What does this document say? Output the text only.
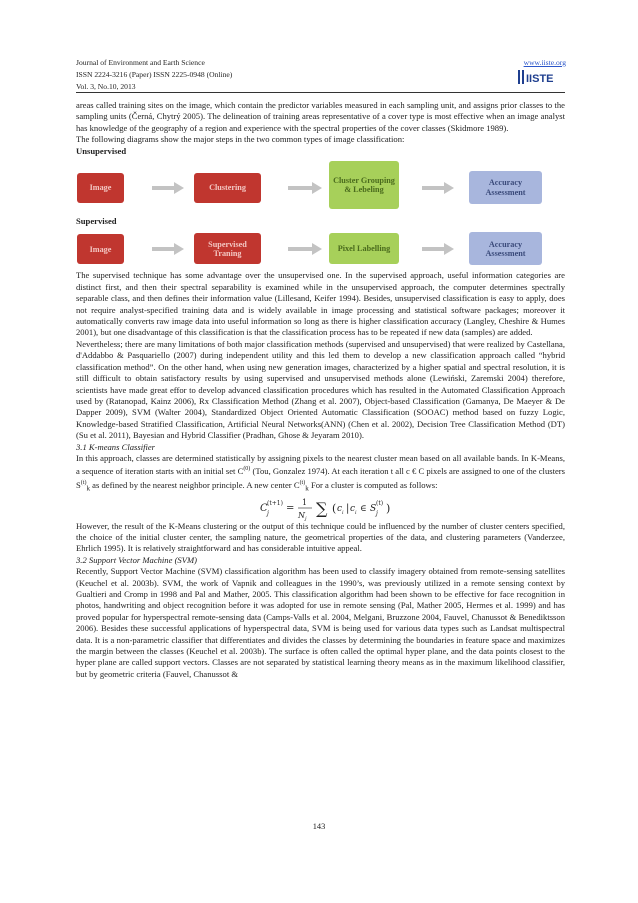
Journal of Environment and Earth Science
ISSN 2224-3216 (Paper) ISSN 2225-0948 (Online)
Vol. 3, No.10, 2013
www.iiste.org
IISTE

areas called training sites on the image, which contain the predictor variables measured in each sampling unit, and assigns prior classes to the sampling units (Černá, Chytrý 2005). The delineation of training areas representative of a cover type is most effective when an image analyst has knowledge of the geography of a region and experience with the spectral properties of the cover classes (Skidmore 1989).

The following diagrams show the major steps in the two common types of image classification:

Unsupervised

Image	Clustering
Cluster Grouping & Lebeling
Accuracy Assessment

Supervised

Image
Supervised Traning
Pixel Labelling
Accuracy Assessment

The supervised technique has some advantage over the unsupervised one. In the supervised approach, useful information categories are distinct first, and then their spectral separability is examined while in the unsupervised approach, the computer determines spectrally separable class, and then defines their information value (Lillesand, Keifer 1994). Besides, unsupervised classification is easy to apply, does not require analyst-specified training data and is widely available in image processing and statistical software packages; moreover it automatically converts raw image data into useful information so long as there is higher classification accuracy (Langley, Cheshire & Humes 2001), but one disadvantage of this classification is that the classification process has to be repeated if new data (samples) are added.

Nevertheless; there are many limitations of both major classification methods (supervised and unsupervised) that were realized by Castellana, d'Addabbo & Pasquariello (2007) during independent utility and this led them to develop a new classification approach called “hybrid classification method”. On the other hand, when using new generation images, characterized by a higher spatial and spectral resolution, it is still difficult to obtain satisfactory results by using supervised and unsupervised methods alone (Lewiński, Zaremski 2004) therefore, scientists have made great effor to develop advanced classification procedures which has resulted in the Automated Classification Approach used by (Ratanopad, Kainz 2006), Rx Classification Method (Zhang et al. 2007), Object-based Classification (Gamanya, De Maeyer & De Dapper 2009), SVM (Walter 2004), Standardized Object Oriented Automatic Classification (SOOAC) method based on fuzzy Logic, Knowledge-based Stratified Classification, Artificial Neural Networks(ANN) (Chen et al. 2002), Decision Tree Classification Method (DT) (Su et al. 2011), Bayesian and Hybrid Classifier (Pradhan, Ghose & Jeyaram 2010).

3.1 K-means Classifier

In this approach, classes are determined statistically by assigning pixels to the nearest cluster mean based on all available bands. In K-Means, a sequence of iteration starts with an initial set $C^{(0)}$ (Tou, Gonzalez 1974). At each iteration t all c € C pixels are assigned to one of the clusters $S^{(t)}_k$ as defined by the nearest neighbor principle. A new center $C^{(t)}_k$ For a cluster is computed as follows:

C (t+1)
j =
1
N j
∑ ( c i | c i ∈ S
(t)
j )

However, the result of the K-Means clustering or the output of this technique could be influenced by the number of cluster centers specified, the choice of the initial cluster center, the sampling nature, the geometrical properties of the data, and clustering parameters (Vanderzee, Ehrlich 1995). It is relatively straightforward and has considerable intuitive appeal.

3.2 Support Vector Machine (SVM)

Recently, Support Vector Machine (SVM) classification algorithm has been used to classify imagery obtained from remote-sensing satellites (Keuchel et al. 2003b). SVM, the work of Vapnik and colleagues in the 1990’s, was previously utilized in a remote sensing context by Gualtieri and Cromp in 1998 and Pal and Mather, 2005. This classification algorithm had been shown to be effective for face recognition in photos, handwriting and object recognition before it was adopted for use in remote sensing (Pal, Mather 2005, Hermes et al. 1999) and has proved popular for hyperspectral remote-sensing data (Camps-Valls et al. 2004, Melgani, Bruzzone 2004, Fauvel, Chanussot & Benediktsson 2006). Besides these successful applications of hyperspectral data, SVM is being used for various data types such as Landsat multispectral data. It is a non-parametric classifier that differentiates and divides the classes by determining the boundaries in feature space and maximizes the margin between the classes (Keuchel et al. 2003b). The surface is often called the optimal hyper plane, and the data points closest to the hyper plane are called support vectors. Classes are not separated by statistical learning theory means as in the maximum likelihood classifier, but by geometric criteria (Fauvel, Chanussot &

143
